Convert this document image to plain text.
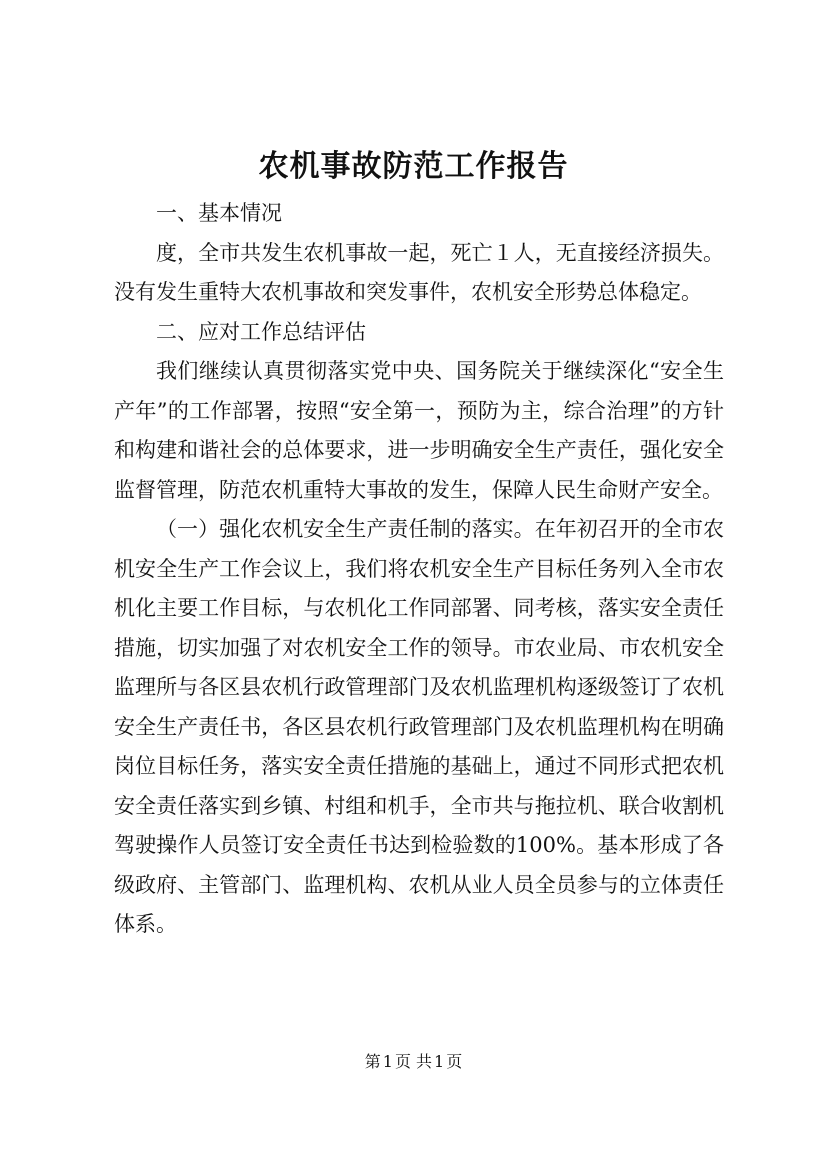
农机事故防范工作报告

一、基本情况

度，全市共发生农机事故一起，死亡１人，无直接经济损失。没有发生重特大农机事故和突发事件，农机安全形势总体稳定。

二、应对工作总结评估

我们继续认真贯彻落实党中央、国务院关于继续深化“安全生产年”的工作部署，按照“安全第一，预防为主，综合治理”的方针和构建和谐社会的总体要求，进一步明确安全生产责任，强化安全监督管理，防范农机重特大事故的发生，保障人民生命财产安全。

（一）强化农机安全生产责任制的落实。在年初召开的全市农机安全生产工作会议上，我们将农机安全生产目标任务列入全市农机化主要工作目标，与农机化工作同部署、同考核，落实安全责任措施，切实加强了对农机安全工作的领导。市农业局、市农机安全监理所与各区县农机行政管理部门及农机监理机构逐级签订了农机安全生产责任书，各区县农机行政管理部门及农机监理机构在明确岗位目标任务，落实安全责任措施的基础上，通过不同形式把农机安全责任落实到乡镇、村组和机手，全市共与拖拉机、联合收割机驾驶操作人员签订安全责任书达到检验数的100%。基本形成了各级政府、主管部门、监理机构、农机从业人员全员参与的立体责任体系。

第 1 页 共 1 页
